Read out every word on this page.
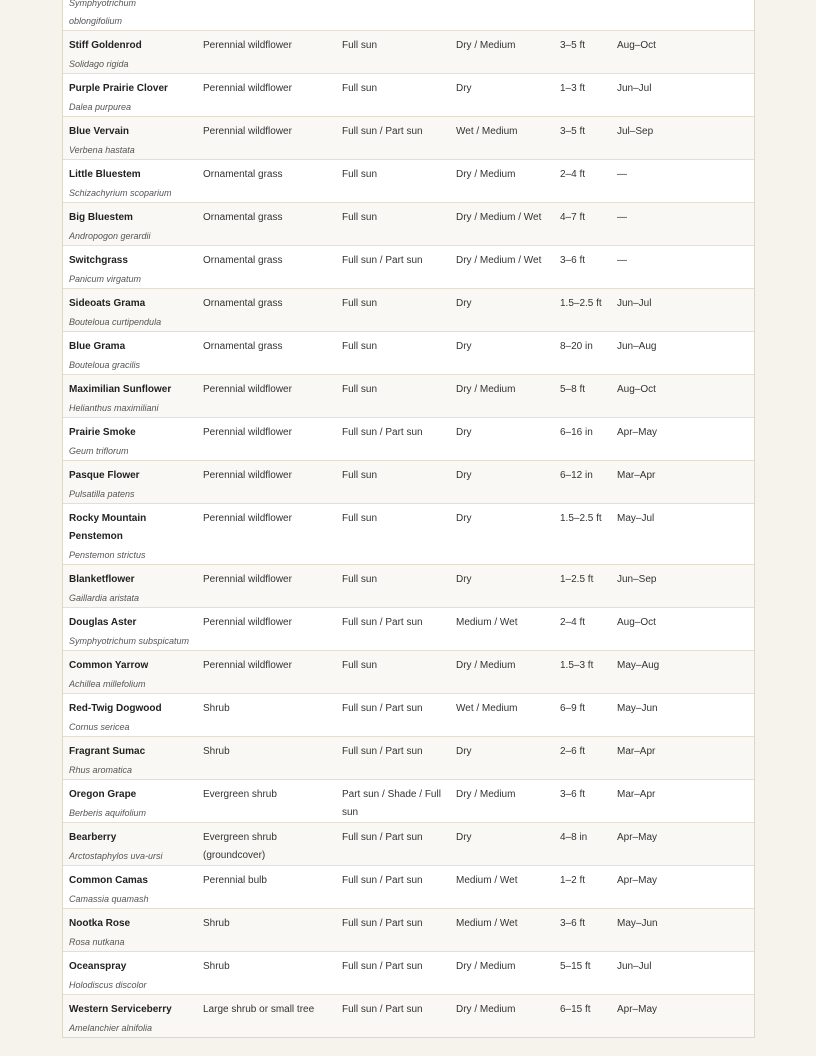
Symphyotrichum oblongifolium					

Stiff Goldenrod
Solidago rigida	Perennial wildflower	Full sun	Dry / Medium	3–5 ft	Aug–Oct

Purple Prairie Clover
Dalea purpurea	Perennial wildflower	Full sun	Dry	1–3 ft	Jun–Jul

Blue Vervain
Verbena hastata	Perennial wildflower	Full sun / Part sun	Wet / Medium	3–5 ft	Jul–Sep

Little Bluestem
Schizachyrium scoparium	Ornamental grass	Full sun	Dry / Medium	2–4 ft	—

Big Bluestem
Andropogon gerardii	Ornamental grass	Full sun	Dry / Medium / Wet	4–7 ft	—

Switchgrass
Panicum virgatum	Ornamental grass	Full sun / Part sun	Dry / Medium / Wet	3–6 ft	—

Sideoats Grama
Bouteloua curtipendula	Ornamental grass	Full sun	Dry	1.5–2.5 ft	Jun–Jul

Blue Grama
Bouteloua gracilis	Ornamental grass	Full sun	Dry	8–20 in	Jun–Aug

Maximilian Sunflower
Helianthus maximiliani	Perennial wildflower	Full sun	Dry / Medium	5–8 ft	Aug–Oct

Prairie Smoke
Geum triflorum	Perennial wildflower	Full sun / Part sun	Dry	6–16 in	Apr–May

Pasque Flower
Pulsatilla patens	Perennial wildflower	Full sun	Dry	6–12 in	Mar–Apr

Rocky Mountain Penstemon
Penstemon strictus	Perennial wildflower	Full sun	Dry	1.5–2.5 ft	May–Jul

Blanketflower
Gaillardia aristata	Perennial wildflower	Full sun	Dry	1–2.5 ft	Jun–Sep

Douglas Aster
Symphyotrichum subspicatum	Perennial wildflower	Full sun / Part sun	Medium / Wet	2–4 ft	Aug–Oct

Common Yarrow
Achillea millefolium	Perennial wildflower	Full sun	Dry / Medium	1.5–3 ft	May–Aug

Red-Twig Dogwood
Cornus sericea	Shrub	Full sun / Part sun	Wet / Medium	6–9 ft	May–Jun

Fragrant Sumac
Rhus aromatica	Shrub	Full sun / Part sun	Dry	2–6 ft	Mar–Apr

Oregon Grape
Berberis aquifolium	Evergreen shrub	Part sun / Shade / Full sun	Dry / Medium	3–6 ft	Mar–Apr

Bearberry
Arctostaphylos uva-ursi	Evergreen shrub (groundcover)	Full sun / Part sun	Dry	4–8 in	Apr–May

Common Camas
Camassia quamash	Perennial bulb	Full sun / Part sun	Medium / Wet	1–2 ft	Apr–May

Nootka Rose
Rosa nutkana	Shrub	Full sun / Part sun	Medium / Wet	3–6 ft	May–Jun

Oceanspray
Holodiscus discolor	Shrub	Full sun / Part sun	Dry / Medium	5–15 ft	Jun–Jul

Western Serviceberry
Amelanchier alnifolia	Large shrub or small tree	Full sun / Part sun	Dry / Medium	6–15 ft	Apr–May
